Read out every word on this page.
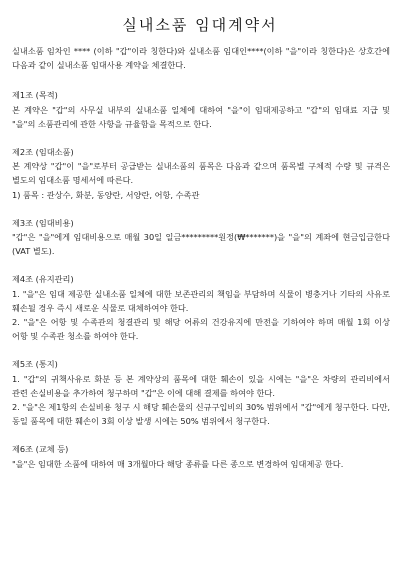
실내소품 임대계약서

실내소품 임차인 **** (이하 "갑"이라 칭한다)와 실내소품 임대인****(이하 "을"이라 칭한다)은 상호간에 다음과 같이 실내소품 임대사용 계약을 체결한다.

제1조 (목적)

본 계약은 "갑"의 사무실 내부의 실내소품 일체에 대하여 "을"이 임대제공하고 "갑"의 임대료 지급 및 "을"의 소품관리에 관한 사항을 규율함을 목적으로 한다.

제2조 (임대소품)

본 계약상 "갑"이 "을"로부터 공급받는 실내소품의 품목은 다음과 같으며 품목별 구체적 수량 및 규격은 별도의 임대소품 명세서에 따른다.

1) 품목 : 관상수, 화분, 동양란, 서양란, 어항, 수족관

제3조 (임대비용)

"갑"은 "을"에게 임대비용으로 매월 30일 일금*********원정(₩*******)을 "을"의 계좌에 현금입금한다(VAT 별도).

제4조 (유지관리)

1. "을"은 임대 제공한 실내소품 일체에 대한 보존관리의 책임을 부담하며 식물이 병충거나 기타의 사유로 훼손될 경우 즉시 새로운 식물로 대체하여야 한다.

2. "을"은 어항 및 수족관의 청결관리 및 해당 어류의 건강유지에 만전을 기하여야 하며 매월 1회 이상 어항 및 수족관 청소를 하여야 한다.

제5조 (통지)

1. "갑"의 귀책사유로 화분 등 본 계약상의 품목에 대한 훼손이 있을 시에는 "을"은 차량의 관리비에서 관련 손실비용을 추가하여 청구하며 "갑"은 이에 대해 결제를 하여야 한다.

2. "을"은 제1항의 손실비용 청구 시 해당 훼손물의 신규구입비의 30% 범위에서 "갑"에게 청구한다. 다만, 동일 품목에 대한 훼손이 3회 이상 발생 시에는 50% 범위에서 청구한다.

제6조 (교체 등)

"을"은 임대한 소품에 대하여 매 3개월마다 해당 종류를 다른 종으로 변경하여 임대제공 한다.
